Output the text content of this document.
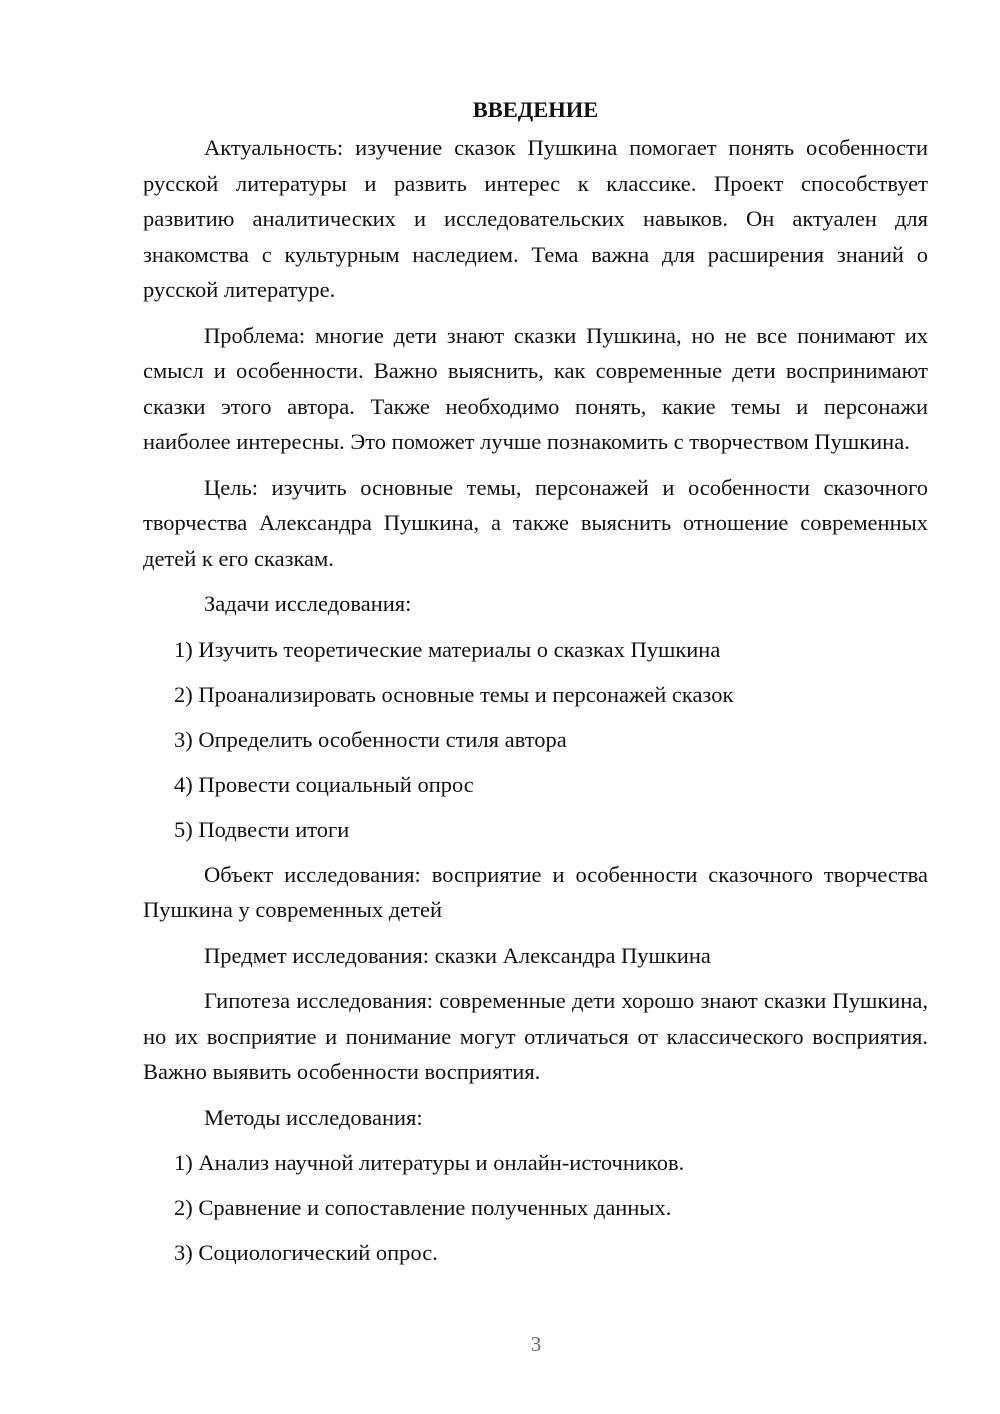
ВВЕДЕНИЕ

Актуальность: изучение сказок Пушкина помогает понять особенности русской литературы и развить интерес к классике. Проект способствует развитию аналитических и исследовательских навыков. Он актуален для знакомства с культурным наследием. Тема важна для расширения знаний о русской литературе.

Проблема: многие дети знают сказки Пушкина, но не все понимают их смысл и особенности. Важно выяснить, как современные дети воспринимают сказки этого автора. Также необходимо понять, какие темы и персонажи наиболее интересны. Это поможет лучше познакомить с творчеством Пушкина.

Цель: изучить основные темы, персонажей и особенности сказочного творчества Александра Пушкина, а также выяснить отношение современных детей к его сказкам.

Задачи исследования:
1) Изучить теоретические материалы о сказках Пушкина
2) Проанализировать основные темы и персонажей сказок
3) Определить особенности стиля автора
4) Провести социальный опрос
5) Подвести итоги

Объект исследования: восприятие и особенности сказочного творчества Пушкина у современных детей

Предмет исследования: сказки Александра Пушкина

Гипотеза исследования: современные дети хорошо знают сказки Пушкина, но их восприятие и понимание могут отличаться от классического восприятия. Важно выявить особенности восприятия.

Методы исследования:
1) Анализ научной литературы и онлайн-источников.
2) Сравнение и сопоставление полученных данных.
3) Социологический опрос.
3
